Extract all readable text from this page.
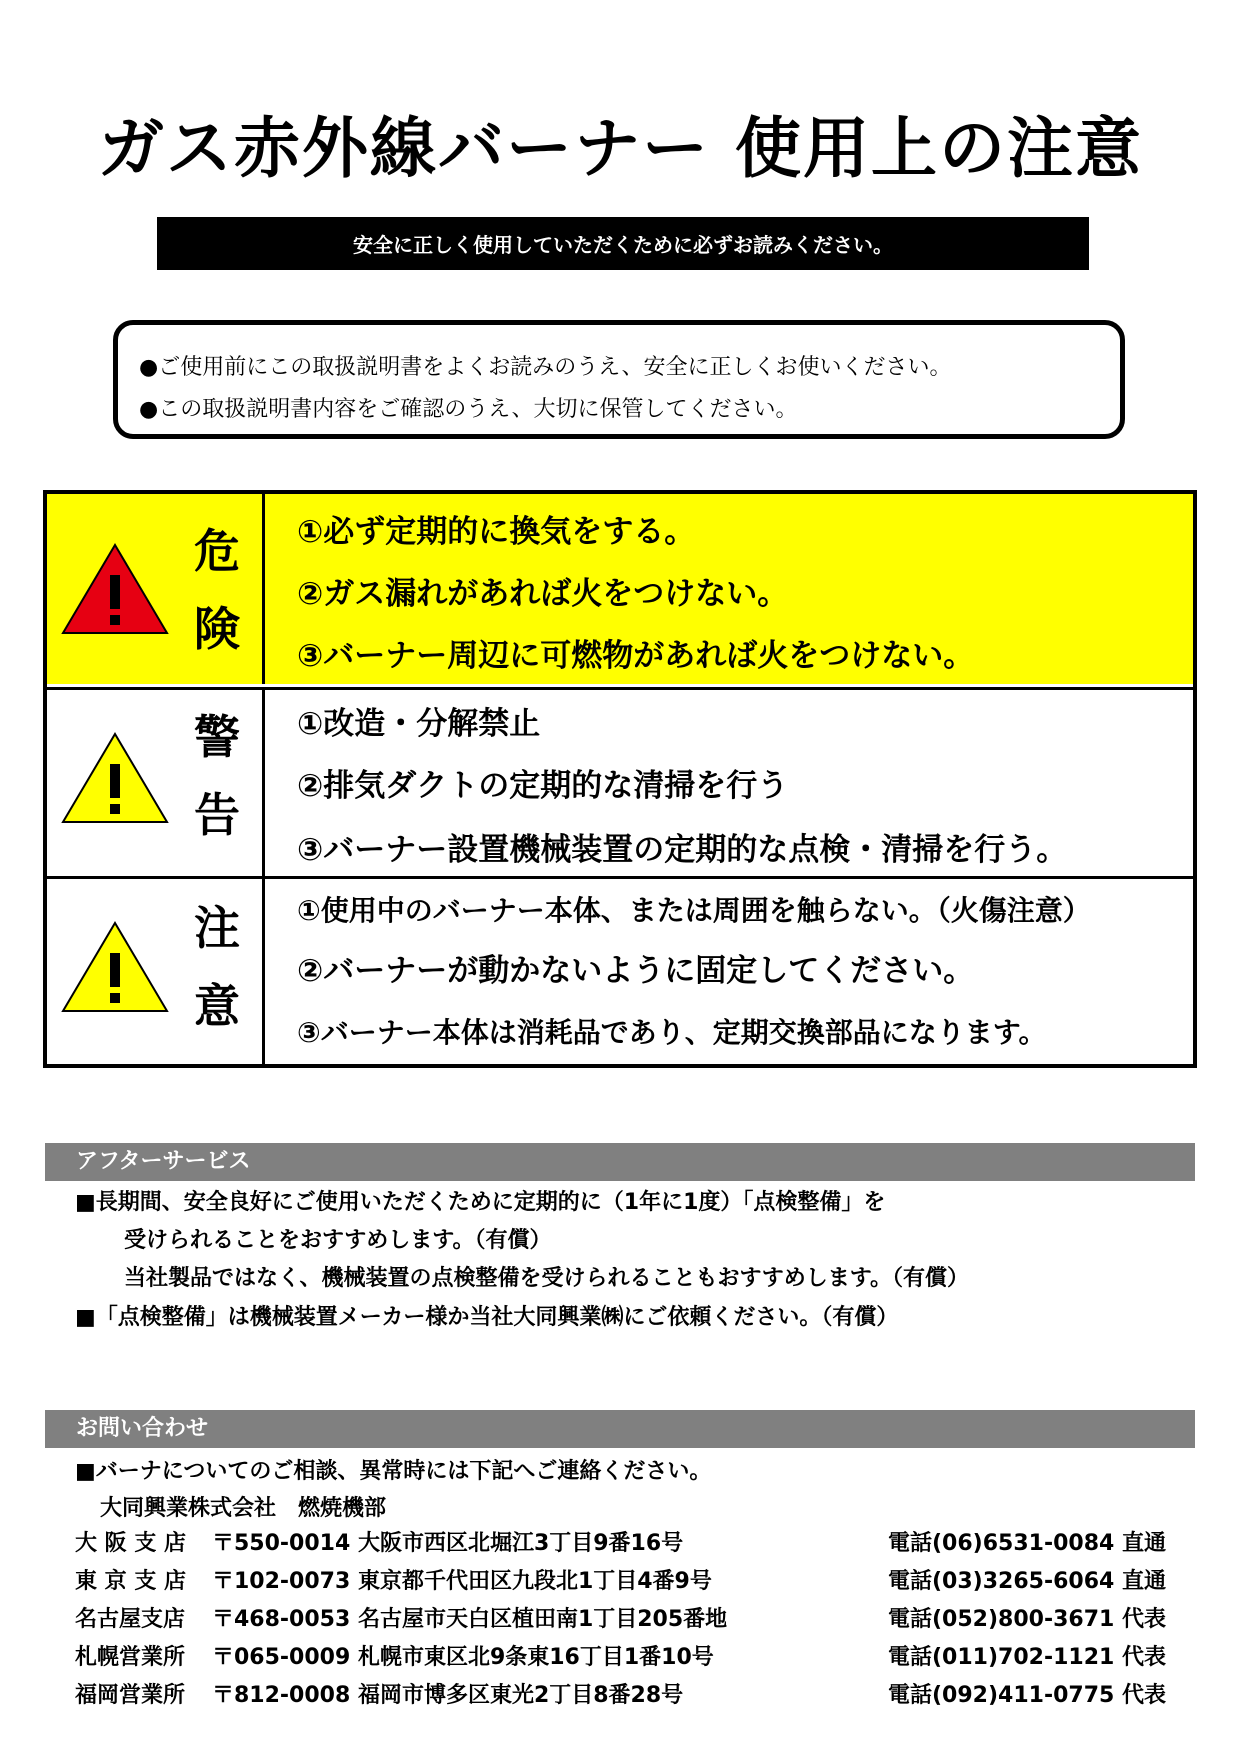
ガス赤外線バーナー 使用上の注意
安全に正しく使用していただくために必ずお読みください。
●ご使用前にこの取扱説明書をよくお読みのうえ、安全に正しくお使いください。
●この取扱説明書内容をご確認のうえ、大切に保管してください。
危
険
①必ず定期的に換気をする。
②ガス漏れがあれば火をつけない。
③バーナー周辺に可燃物があれば火をつけない。
警
告
①改造・分解禁止
②排気ダクトの定期的な清掃を行う
③バーナー設置機械装置の定期的な点検・清掃を行う。
注
意
①使用中のバーナー本体、または周囲を触らない。（火傷注意）
②バーナーが動かないように固定してください。
③バーナー本体は消耗品であり、定期交換部品になります。
アフターサービス
■長期間、安全良好にご使用いただくために定期的に（1年に1度）「点検整備」を
受けられることをおすすめします。（有償）
当社製品ではなく、機械装置の点検整備を受けられることもおすすめします。（有償）
■「点検整備」は機械装置メーカー様か当社大同興業㈱にご依頼ください。（有償）
お問い合わせ
■バーナについてのご相談、異常時には下記へご連絡ください。
大同興業株式会社　燃焼機部
大 阪 支 店 〒550-0014 大阪市西区北堀江3丁目9番16号	電話(06)6531-0084 直通
東 京 支 店 〒102-0073 東京都千代田区九段北1丁目4番9号	電話(03)3265-6064 直通
名古屋支店 〒468-0053 名古屋市天白区植田南1丁目205番地	電話(052)800-3671 代表
札幌営業所 〒065-0009 札幌市東区北9条東16丁目1番10号	電話(011)702-1121 代表
福岡営業所 〒812-0008 福岡市博多区東光2丁目8番28号	電話(092)411-0775 代表
